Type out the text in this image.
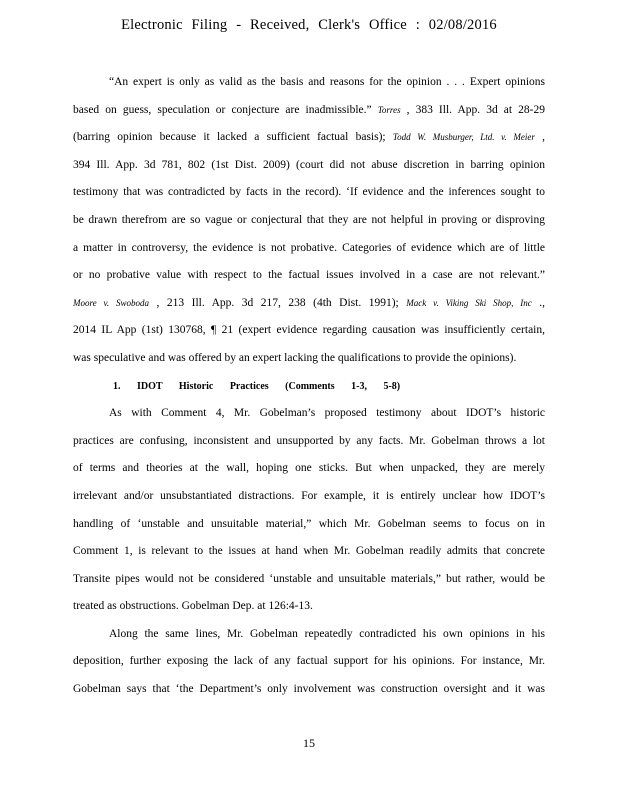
Electronic Filing - Received, Clerk's Office : 02/08/2016
“An expert is only as valid as the basis and reasons for the opinion . . . Expert opinions
based on guess, speculation or conjecture are inadmissible.” Torres , 383 Ill. App. 3d at 28-29
(barring opinion because it lacked a sufficient factual basis); Todd W. Musburger, Ltd. v. Meier ,
394 Ill. App. 3d 781, 802 (1st Dist. 2009) (court did not abuse discretion in barring opinion
testimony that was contradicted by facts in the record). ‘If evidence and the inferences sought to
be drawn therefrom are so vague or conjectural that they are not helpful in proving or disproving
a matter in controversy, the evidence is not probative. Categories of evidence which are of little
or no probative value with respect to the factual issues involved in a case are not relevant.”
Moore v. Swoboda , 213 Ill. App. 3d 217, 238 (4th Dist. 1991); Mack v. Viking Ski Shop, Inc .,
2014 IL App (1st) 130768, ¶ 21 (expert evidence regarding causation was insufficiently certain,
was speculative and was offered by an expert lacking the qualifications to provide the opinions).
1. IDOT Historic Practices (Comments 1-3, 5-8)
As with Comment 4, Mr. Gobelman’s proposed testimony about IDOT’s historic
practices are confusing, inconsistent and unsupported by any facts. Mr. Gobelman throws a lot
of terms and theories at the wall, hoping one sticks. But when unpacked, they are merely
irrelevant and/or unsubstantiated distractions. For example, it is entirely unclear how IDOT’s
handling of ‘unstable and unsuitable material,” which Mr. Gobelman seems to focus on in
Comment 1, is relevant to the issues at hand when Mr. Gobelman readily admits that concrete
Transite pipes would not be considered ‘unstable and unsuitable materials,” but rather, would be
treated as obstructions. Gobelman Dep. at 126:4-13.
Along the same lines, Mr. Gobelman repeatedly contradicted his own opinions in his
deposition, further exposing the lack of any factual support for his opinions. For instance, Mr.
Gobelman says that ‘the Department’s only involvement was construction oversight and it was
15
